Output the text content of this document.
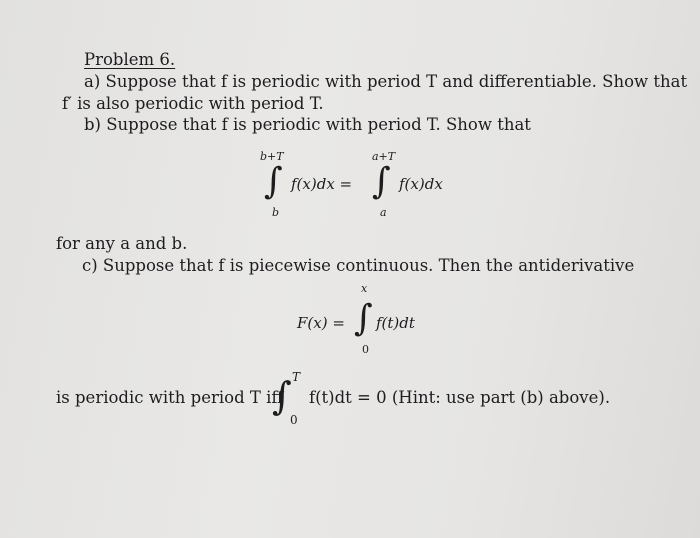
Problem 6.
a) Suppose that f is periodic with period T and differentiable. Show that
f′ is also periodic with period T.
b) Suppose that f is periodic with period T. Show that
b+T
∫
b
f(x)dx =
a+T
∫
a
f(x)dx
for any a and b.
c) Suppose that f is piecewise continuous. Then the antiderivative
F(x) =
x
∫
0
f(t)dt
is periodic with period T iff
∫ T
0
f(t)dt = 0 (Hint: use part (b) above).
